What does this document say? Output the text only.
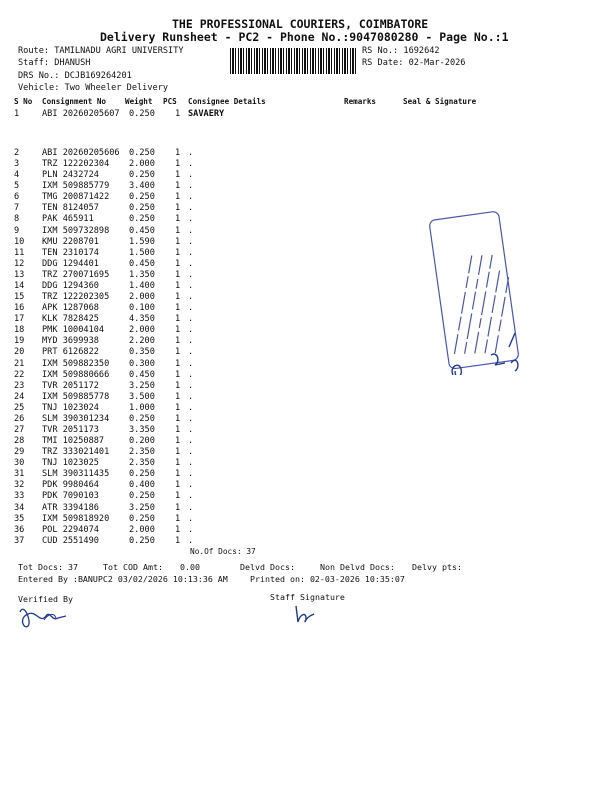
THE PROFESSIONAL COURIERS, COIMBATORE
Delivery Runsheet - PC2 - Phone No.:9047080280 - Page No.:1
Route: TAMILNADU AGRI UNIVERSITY
Staff: DHANUSH
DRS No.: DCJB169264201
Vehicle: Two Wheeler Delivery
RS No.: 1692642
RS Date: 02-Mar-2026
S No Consignment No Weight PCS Consignee Details	Remarks	Seal & Signature
1	ABI 20260205607 0.250 1 SAVAERY
2	ABI 20260205606 0.250 1 .
3	TRZ 122202304 2.000 1 .
4	PLN 2432724	0.250 1 .
5	IXM 509885779 3.400 1 .
6	TMG 200871422 0.250 1 .
7	TEN 8124057	0.250 1 .
8	PAK 465911	0.250 1 .
9	IXM 509732898 0.450 1 .
10 KMU 2208701	1.590 1 .
11 TEN 2310174	1.500 1 .
12 DDG 1294401	0.450 1 .
13 TRZ 270071695 1.350 1 .
14 DDG 1294360	1.400 1 .
15 TRZ 122202305 2.000 1 .
16 APK 1287068	0.100 1 .
17 KLK 7828425	4.350 1 .
18 PMK 10004104	2.000 1 .
19 MYD 3699938	2.200 1 .
20 PRT 6126822	0.350 1 .
21 IXM 509882350 0.300 1 .
22 IXM 509880666 0.450 1 .
23 TVR 2051172	3.250 1 .
24 IXM 509885778 3.500 1 .
25 TNJ 1023024	1.000 1 .
26 SLM 390301234 0.250 1 .
27 TVR 2051173	3.350 1 .
28 TMI 10250887	0.200 1 .
29 TRZ 333021401 2.350 1 .
30 TNJ 1023025	2.350 1 .
31 SLM 390311435 0.250 1 .
32 PDK 9980464	0.400 1 .
33 PDK 7090103	0.250 1 .
34 ATR 3394186	3.250 1 .
35 IXM 509818920 0.250 1 .
36 POL 2294074	2.000 1 .
37 CUD 2551490	0.250 1 .
No.Of Docs: 37
Tot Docs: 37	Tot COD Amt: 0.00	Delvd Docs:	Non Delvd Docs: Delvy pts:
Entered By :BANUPC2 03/02/2026 10:13:36 AM	Printed on: 02-03-2026 10:35:07
Verified By	Staff Signature
